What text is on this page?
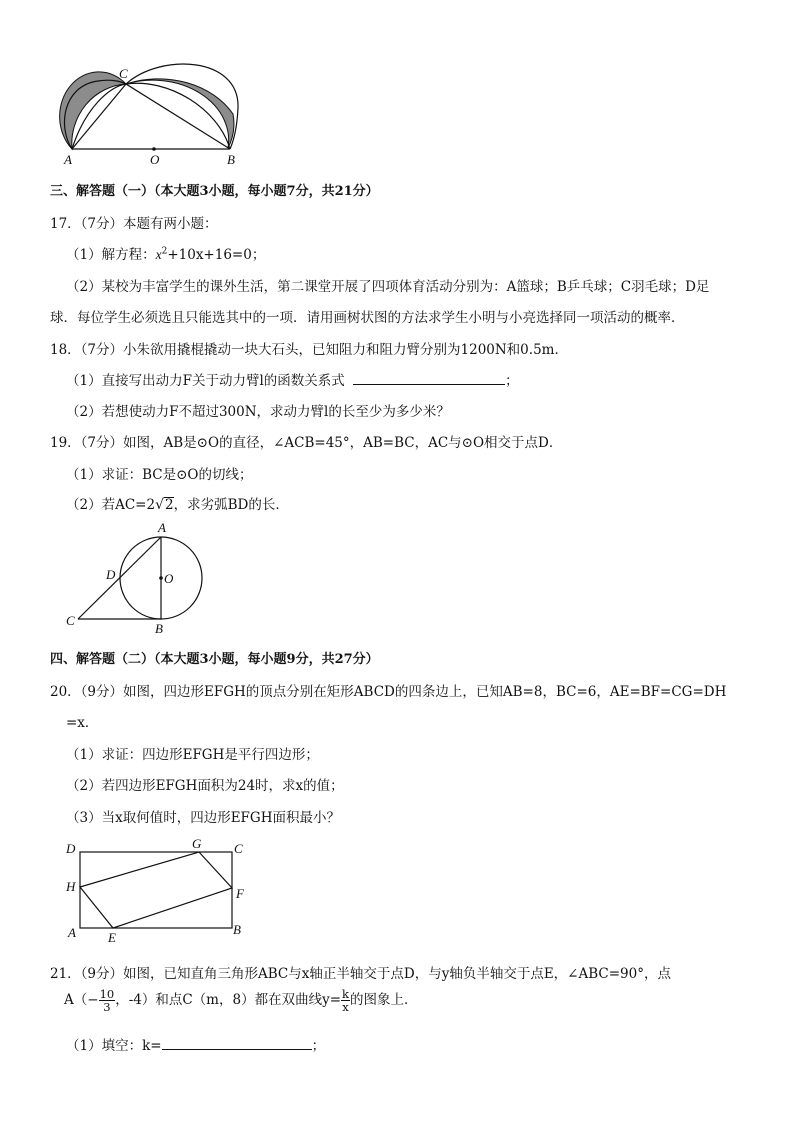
A
C
O	B
三、解答题（一）（本大题3小题，每小题7分，共21分）
17．（7分）本题有两小题：
（1）解方程：$x^2+10x+16=0$；
（2）某校为丰富学生的课外生活，第二课堂开展了四项体育活动分别为：A篮球；B乒乓球；C羽毛球；D足
球．每位学生必须选且只能选其中的一项．请用画树状图的方法求学生小明与小亮选择同一项活动的概率．
18．（7分）小朱欲用撬棍撬动一块大石头，已知阻力和阻力臂分别为1200N和0.5m．
（1）直接写出动力F关于动力臂l的函数关系式	；
（2）若想使动力F不超过300N，求动力臂l的长至少为多少米？
19．（7分）如图，AB是⊙O的直径，∠ACB=45°，AB=BC，AC与⊙O相交于点D．
（1）求证：BC是⊙O的切线；
（2）若AC=2√2，求劣弧BD的长．
A
D	O
C
B
四、解答题（二）（本大题3小题，每小题9分，共27分）
20．（9分）如图，四边形EFGH的顶点分别在矩形ABCD的四条边上，已知AB=8，BC=6，AE=BF=CG=DH
=x．
（1）求证：四边形EFGH是平行四边形；
（2）若四边形EFGH面积为24时，求x的值；
（3）当x取何值时，四边形EFGH面积最小？
D	G	C
H	F
A E
B
21．（9分）如图，已知直角三角形ABC与x轴正半轴交于点D，与y轴负半轴交于点E，∠ABC=90°，点
$A(- \frac{10}{3}$ ，-4）和点C（m，8）都在双曲线$y= \frac{k}{x}$ 的图象上．
（1）填空：k=	；
